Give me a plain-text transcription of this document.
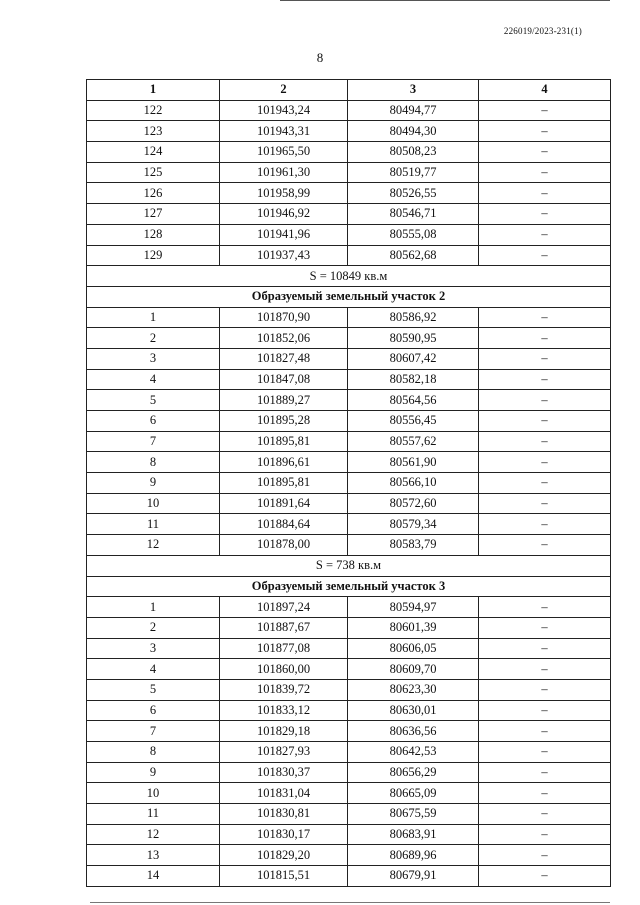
226019/2023-231(1)
8
1	2	3	4
122	101943,24	80494,77	–
123	101943,31	80494,30	–
124	101965,50	80508,23	–
125	101961,30	80519,77	–
126	101958,99	80526,55	–
127	101946,92	80546,71	–
128	101941,96	80555,08	–
129	101937,43	80562,68	–
S = 10849 кв.м			
Образуемый земельный участок 2			
1	101870,90	80586,92	–
2	101852,06	80590,95	–
3	101827,48	80607,42	–
4	101847,08	80582,18	–
5	101889,27	80564,56	–
6	101895,28	80556,45	–
7	101895,81	80557,62	–
8	101896,61	80561,90	–
9	101895,81	80566,10	–
10	101891,64	80572,60	–
11	101884,64	80579,34	–
12	101878,00	80583,79	–
S = 738 кв.м			
Образуемый земельный участок 3			
1	101897,24	80594,97	–
2	101887,67	80601,39	–
3	101877,08	80606,05	–
4	101860,00	80609,70	–
5	101839,72	80623,30	–
6	101833,12	80630,01	–
7	101829,18	80636,56	–
8	101827,93	80642,53	–
9	101830,37	80656,29	–
10	101831,04	80665,09	–
11	101830,81	80675,59	–
12	101830,17	80683,91	–
13	101829,20	80689,96	–
14	101815,51	80679,91	–
